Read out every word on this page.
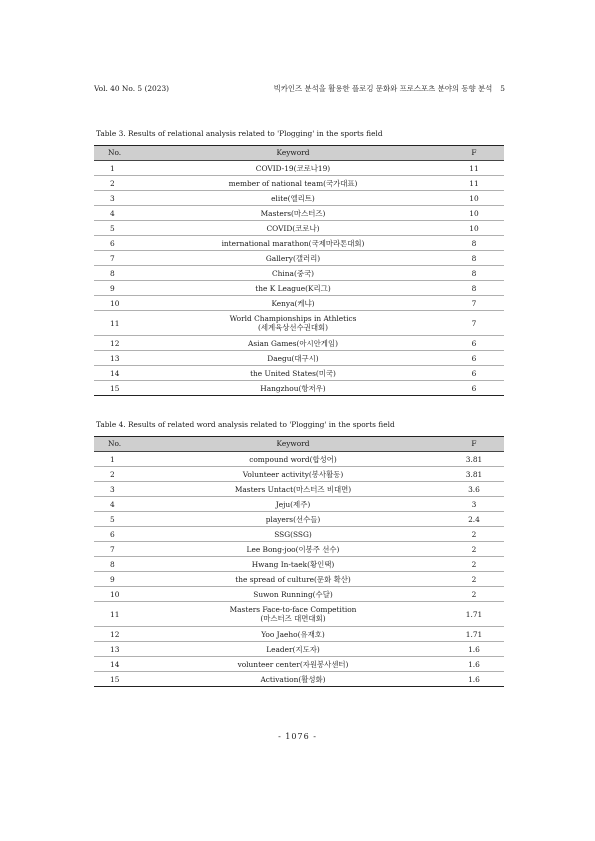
Vol. 40 No. 5 (2023)	빅카인즈 분석을 활용한 플로깅 문화와 프로스포츠 분야의 동향 분석 5
Table 3. Results of relational analysis related to 'Plogging' in the sports field
No.	Keyword	F
1	COVID-19(코로나19)	11
2	member of national team(국가대표)	11
3	elite(엘리트)	10
4	Masters(마스터즈)	10
5	COVID(코로나)	10
6	international marathon(국제마라톤대회)	8
7	Gallery(갤러리)	8
8	China(중국)	8
9	the K League(K리그)	8
10	Kenya(케냐)	7
11	World Championships in Athletics
(세계육상선수권대회)	7
12	Asian Games(아시안게임)	6
13	Daegu(대구시)	6
14	the United States(미국)	6
15	Hangzhou(항저우)	6
Table 4. Results of related word analysis related to 'Plogging' in the sports field
No.	Keyword	F
1	compound word(합성어)	3.81
2	Volunteer activity(봉사활동)	3.81
3	Masters Untact(마스터즈 비대면)	3.6
4	Jeju(제주)	3
5	players(선수들)	2.4
6	SSG(SSG)	2
7	Lee Bong-joo(이봉주 선수)	2
8	Hwang In-taek(황인택)	2
9	the spread of culture(문화 확산)	2
10	Suwon Running(수달)	2
11	Masters Face-to-face Competition
(마스터즈 대면대회)	1.71
12	Yoo Jaeho(유재호)	1.71
13	Leader(지도자)	1.6
14	volunteer center(자원봉사센터)	1.6
15	Activation(활성화)	1.6
- 1076 -
